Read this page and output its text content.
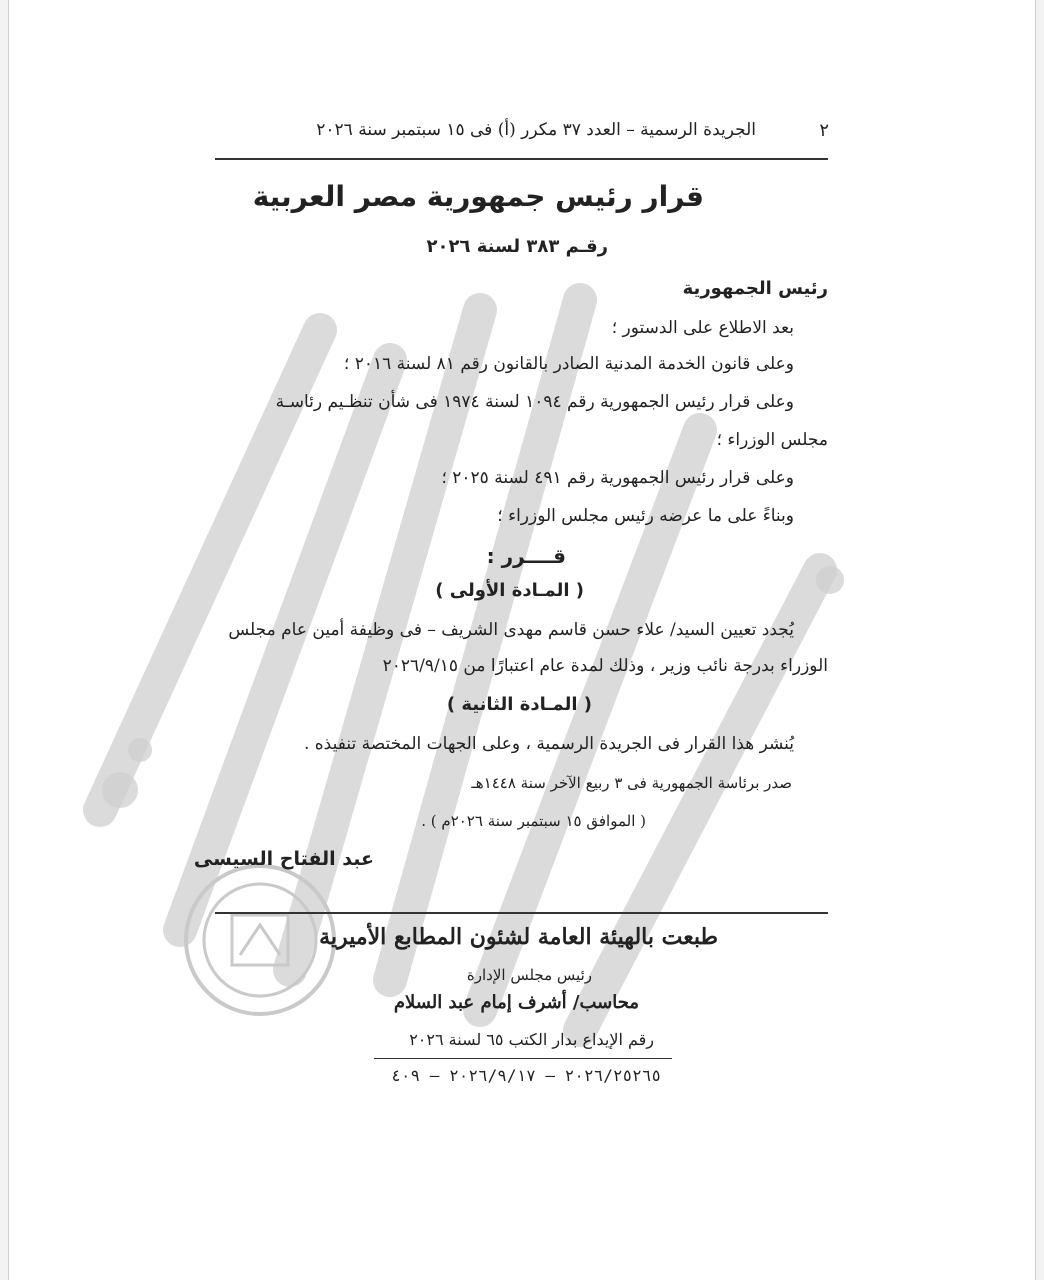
٢
الجريدة الرسمية – العدد ٣٧ مكرر (أ) فى ١٥ سبتمبر سنة ٢٠٢٦
قرار رئيس جمهورية مصر العربية
رقـم ٣٨٣ لسنة ٢٠٢٦
رئيس الجمهورية
بعد الاطلاع على الدستور ؛
وعلى قانون الخدمة المدنية الصادر بالقانون رقم ٨١ لسنة ٢٠١٦ ؛
وعلى قرار رئيس الجمهورية رقم ١٠٩٤ لسنة ١٩٧٤ فى شأن تنظـيم رئاسـة
مجلس الوزراء ؛
وعلى قرار رئيس الجمهورية رقم ٤٩١ لسنة ٢٠٢٥ ؛
وبناءً على ما عرضه رئيس مجلس الوزراء ؛
قــــرر :
( المـادة الأولى )
يُجدد تعيين السيد/ علاء حسن قاسم مهدى الشريف – فى وظيفة أمين عام مجلس
الوزراء بدرجة نائب وزير ، وذلك لمدة عام اعتبارًا من ٢٠٢٦/٩/١٥
( المـادة الثانية )
يُنشر هذا القرار فى الجريدة الرسمية ، وعلى الجهات المختصة تنفيذه .
صدر برئاسة الجمهورية فى ٣ ربيع الآخر سنة ١٤٤٨هـ
( الموافق ١٥ سبتمبر سنة ٢٠٢٦م ) .
عبد الفتاح السيسى
طبعت بالهيئة العامة لشئون المطابع الأميرية
رئيس مجلس الإدارة
محاسب/ أشرف إمام عبد السلام
رقم الإيداع بدار الكتب ٦٥ لسنة ٢٠٢٦
٢٠٢٦/٢٥٢٦٥ – ٢٠٢٦/٩/١٧ – ٤٠٩
